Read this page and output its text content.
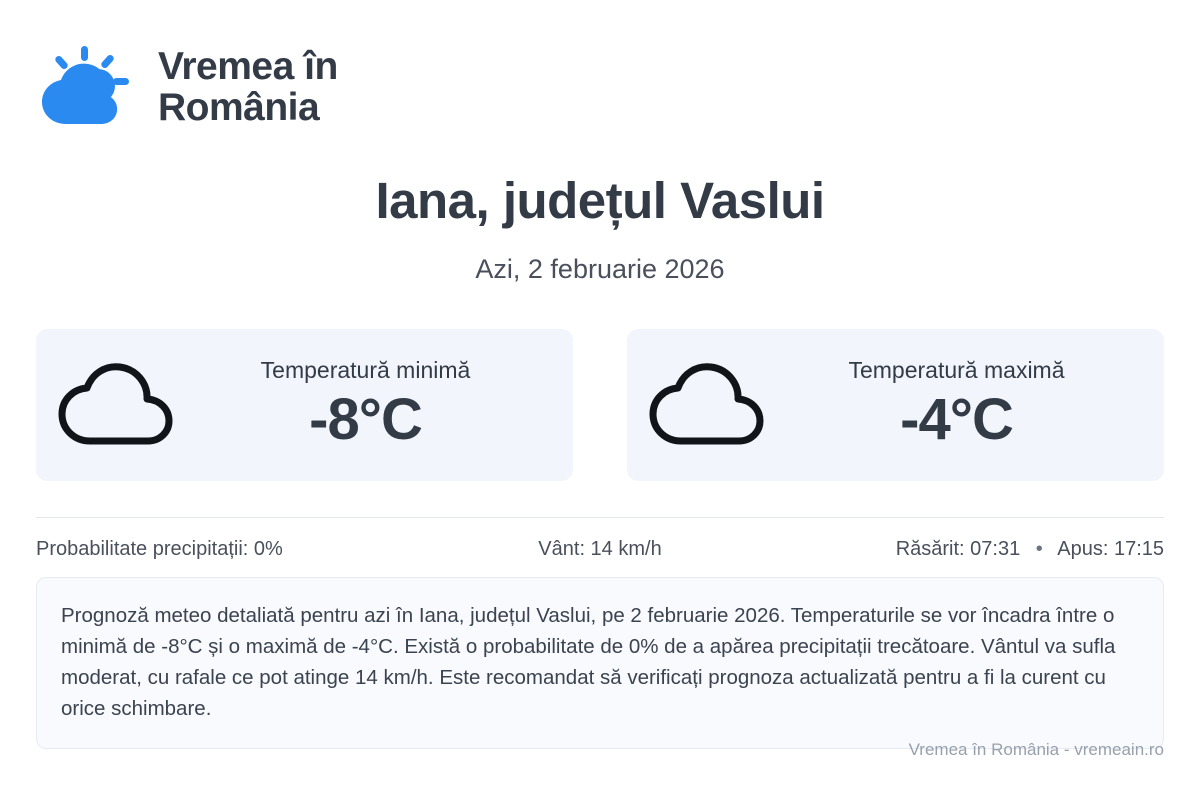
Vremea în
România
Iana, județul Vaslui
Azi, 2 februarie 2026
Temperatură minimă
-8°C
Temperatură maximă
-4°C
Probabilitate precipitații: 0%	Vânt: 14 km/h	Răsărit: 07:31 • Apus: 17:15
Prognoză meteo detaliată pentru azi în Iana, județul Vaslui, pe 2 februarie 2026. Temperaturile se vor încadra între o minimă de -8°C și o maximă de -4°C. Există o probabilitate de 0% de a apărea precipitații trecătoare. Vântul va sufla moderat, cu rafale ce pot atinge 14 km/h. Este recomandat să verificați prognoza actualizată pentru a fi la curent cu orice schimbare.
Vremea în România - vremeain.ro
